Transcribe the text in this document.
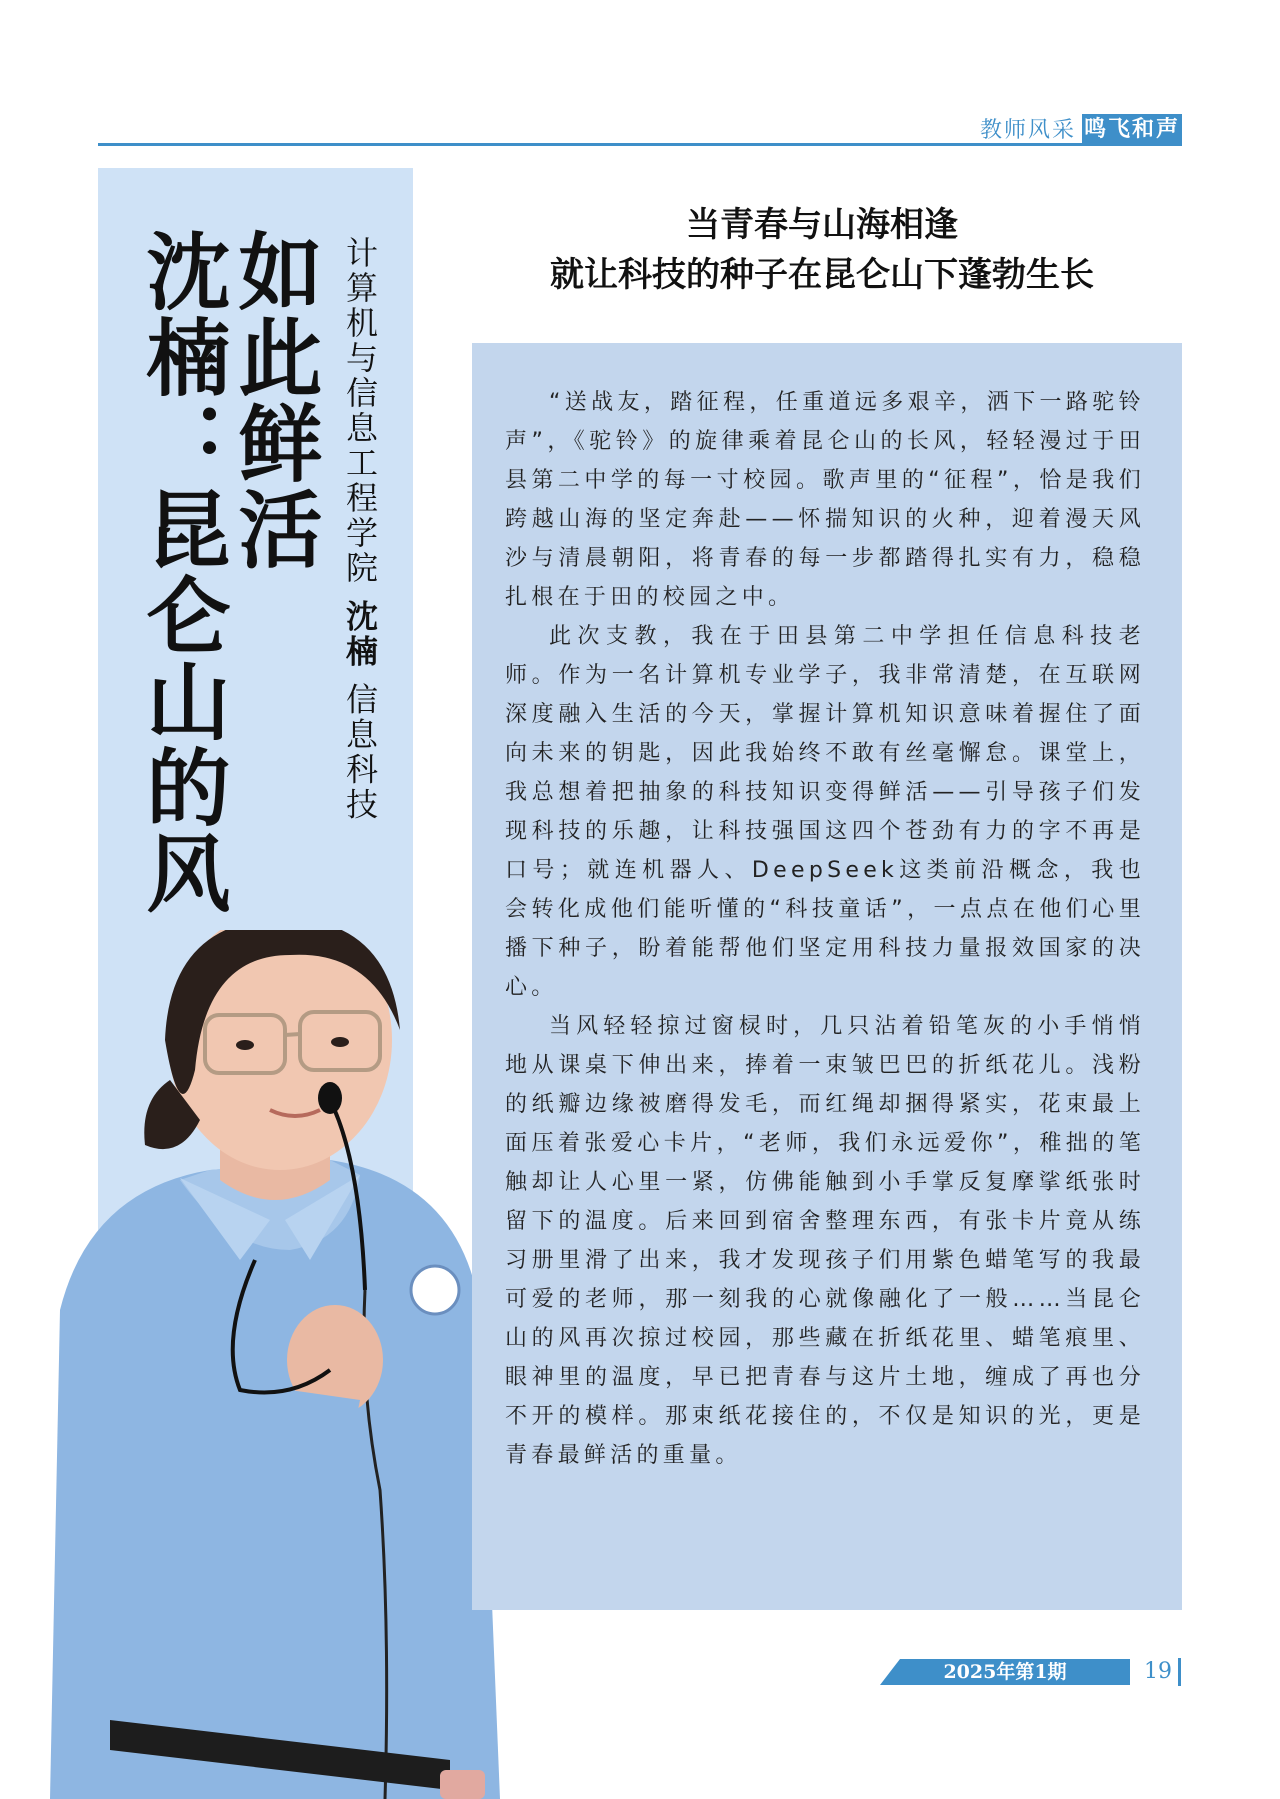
教师风采 鸣飞和声
如此鲜活
沈楠：昆仑山的风	计算机与信息工程学院 沈楠 信息科技
当青春与山海相逢
就让科技的种子在昆仑山下蓬勃生长

“送战友，踏征程，任重道远多艰辛，洒下一路驼铃声”，《驼铃》的旋律乘着昆仑山的长风，轻轻漫过于田县第二中学的每一寸校园。歌声里的“征程”，恰是我们跨越山海的坚定奔赴——怀揣知识的火种，迎着漫天风沙与清晨朝阳，将青春的每一步都踏得扎实有力，稳稳扎根在于田的校园之中。

此次支教，我在于田县第二中学担任信息科技老师。作为一名计算机专业学子，我非常清楚，在互联网深度融入生活的今天，掌握计算机知识意味着握住了面向未来的钥匙，因此我始终不敢有丝毫懈怠。课堂上，我总想着把抽象的科技知识变得鲜活——引导孩子们发现科技的乐趣，让科技强国这四个苍劲有力的字不再是口号；就连机器人、DeepSeek这类前沿概念，我也会转化成他们能听懂的“科技童话”，一点点在他们心里播下种子，盼着能帮他们坚定用科技力量报效国家的决心。

当风轻轻掠过窗棂时，几只沾着铅笔灰的小手悄悄地从课桌下伸出来，捧着一束皱巴巴的折纸花儿。浅粉的纸瓣边缘被磨得发毛，而红绳却捆得紧实，花束最上面压着张爱心卡片，“老师，我们永远爱你”，稚拙的笔触却让人心里一紧，仿佛能触到小手掌反复摩挲纸张时留下的温度。后来回到宿舍整理东西，有张卡片竟从练习册里滑了出来，我才发现孩子们用紫色蜡笔写的我最可爱的老师，那一刻我的心就像融化了一般……当昆仑山的风再次掠过校园，那些藏在折纸花里、蜡笔痕里、眼神里的温度，早已把青春与这片土地，缠成了再也分不开的模样。那束纸花接住的，不仅是知识的光，更是青春最鲜活的重量。

2025年第1期	19
